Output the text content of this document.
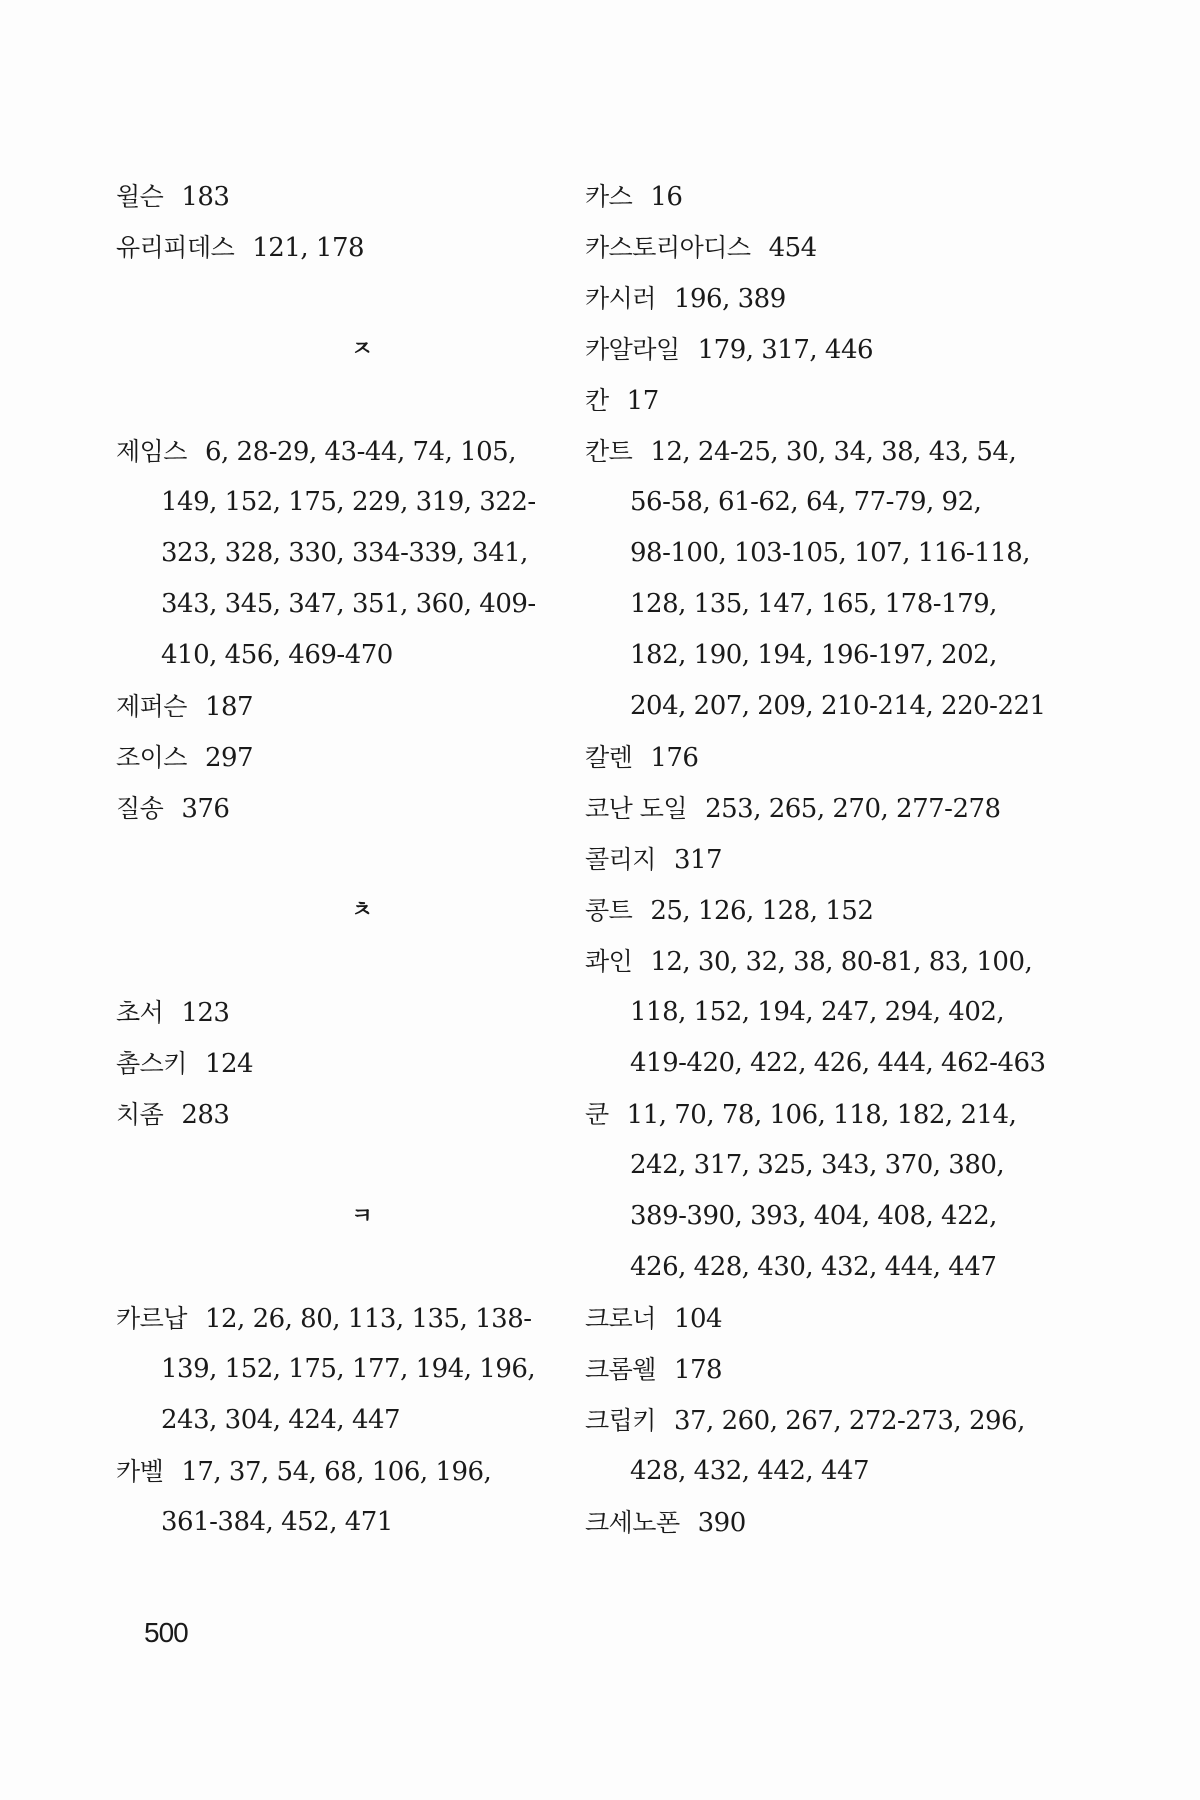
윌슨 183
유리피데스 121, 178
ㅈ
제임스 6, 28-29, 43-44, 74, 105,
149, 152, 175, 229, 319, 322-
323, 328, 330, 334-339, 341,
343, 345, 347, 351, 360, 409-
410, 456, 469-470
제퍼슨 187
조이스 297
질송 376
ㅊ
초서 123
촘스키 124
치좀 283
ㅋ
카르납 12, 26, 80, 113, 135, 138-
139, 152, 175, 177, 194, 196,
243, 304, 424, 447
카벨 17, 37, 54, 68, 106, 196,
361-384, 452, 471
카스 16
카스토리아디스 454
카시러 196, 389
카알라일 179, 317, 446
칸 17
칸트 12, 24-25, 30, 34, 38, 43, 54,
56-58, 61-62, 64, 77-79, 92,
98-100, 103-105, 107, 116-118,
128, 135, 147, 165, 178-179,
182, 190, 194, 196-197, 202,
204, 207, 209, 210-214, 220-221
칼렌 176
코난 도일 253, 265, 270, 277-278
콜리지 317
콩트 25, 126, 128, 152
콰인 12, 30, 32, 38, 80-81, 83, 100,
118, 152, 194, 247, 294, 402,
419-420, 422, 426, 444, 462-463
쿤 11, 70, 78, 106, 118, 182, 214,
242, 317, 325, 343, 370, 380,
389-390, 393, 404, 408, 422,
426, 428, 430, 432, 444, 447
크로너 104
크롬웰 178
크립키 37, 260, 267, 272-273, 296,
428, 432, 442, 447
크세노폰 390
500
